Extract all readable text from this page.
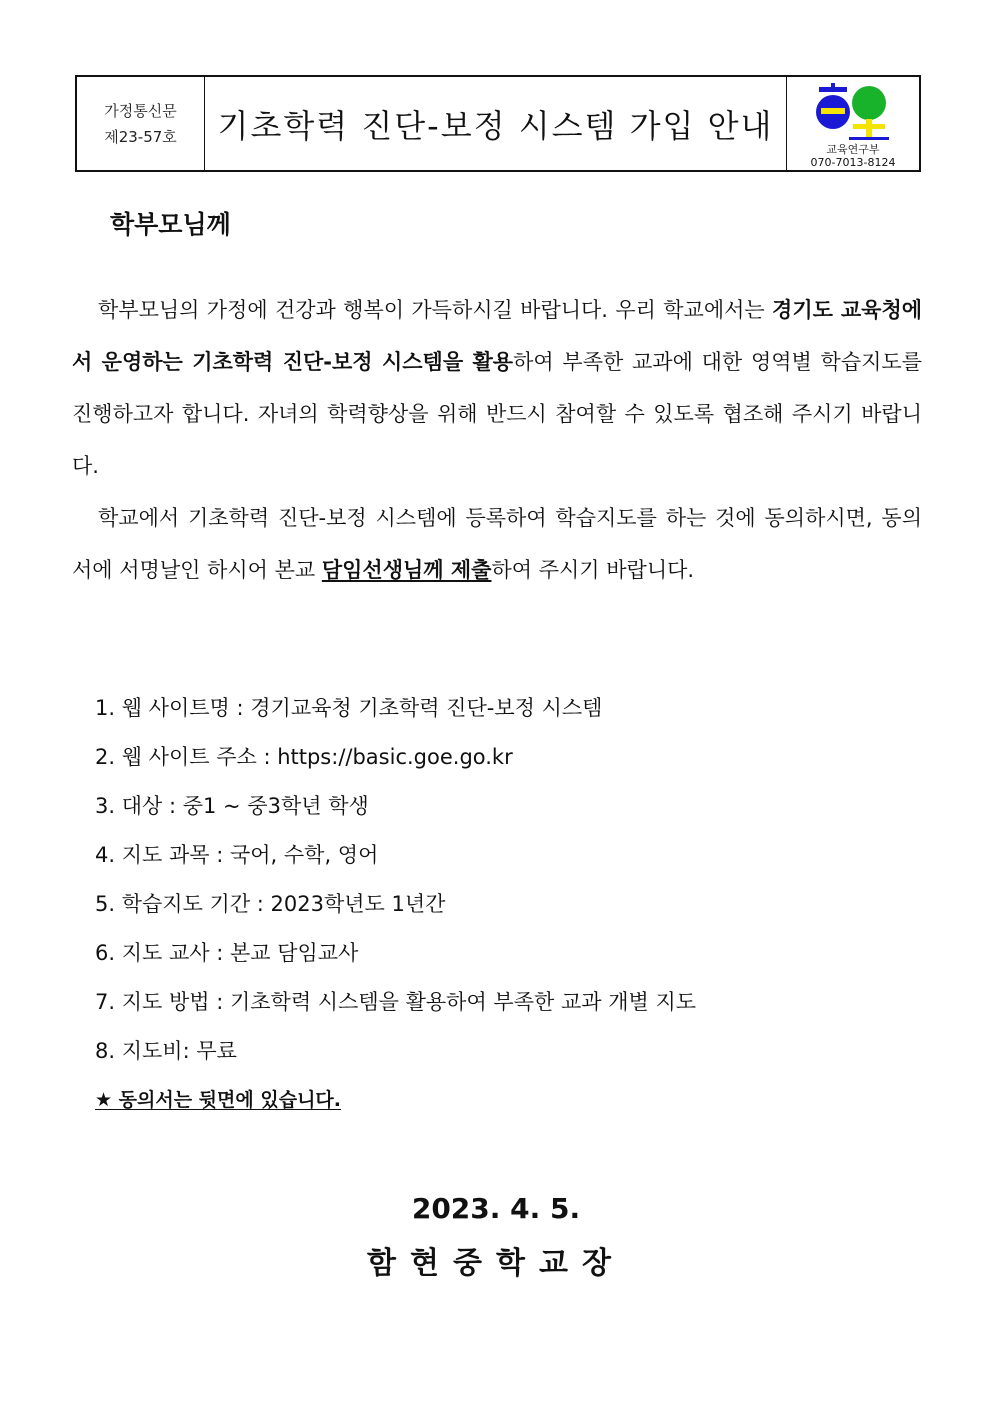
가정통신문
제23-57호	기초학력 진단-보정 시스템 가입 안내
교육연구부
070-7013-8124
학부모님께

학부모님의 가정에 건강과 행복이 가득하시길 바랍니다. 우리 학교에서는 경기도 교육청에서 운영하는 기초학력 진단-보정 시스템을 활용하여 부족한 교과에 대한 영역별 학습지도를 진행하고자 합니다. 자녀의 학력향상을 위해 반드시 참여할 수 있도록 협조해 주시기 바랍니다.

학교에서 기초학력 진단-보정 시스템에 등록하여 학습지도를 하는 것에 동의하시면, 동의서에 서명날인 하시어 본교 담임선생님께 제출하여 주시기 바랍니다.

1. 웹 사이트명 : 경기교육청 기초학력 진단-보정 시스템
2. 웹 사이트 주소 : https://basic.goe.go.kr
3. 대상 : 중1 ~ 중3학년 학생
4. 지도 과목 : 국어, 수학, 영어
5. 학습지도 기간 : 2023학년도 1년간
6. 지도 교사 : 본교 담임교사
7. 지도 방법 : 기초학력 시스템을 활용하여 부족한 교과 개별 지도
8. 지도비: 무료
★ 동의서는 뒷면에 있습니다.
2023. 4. 5.
함현중학교장
